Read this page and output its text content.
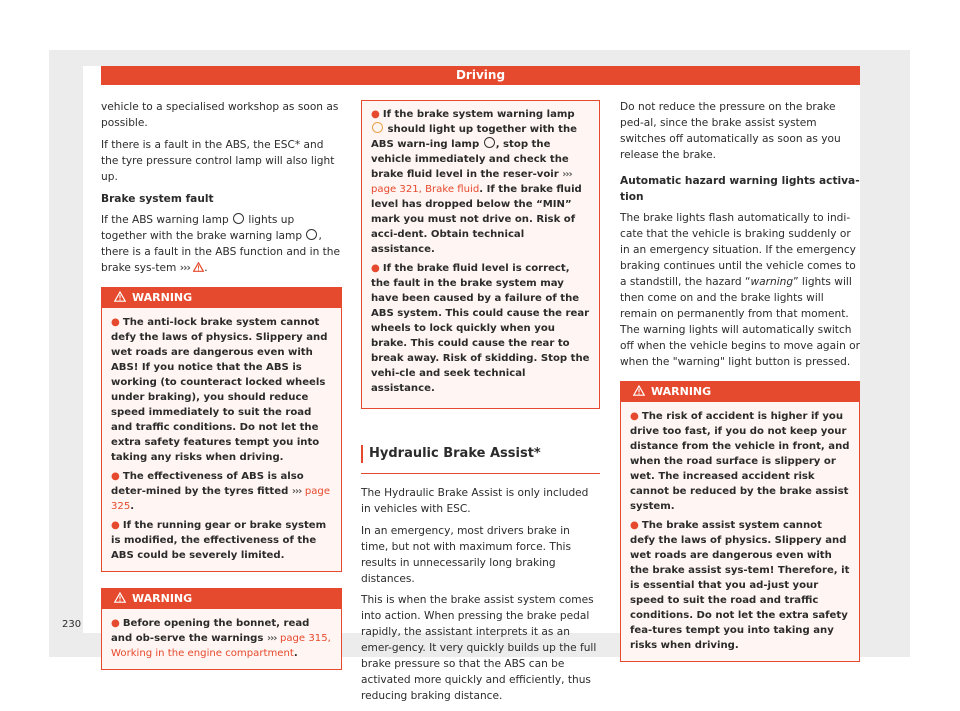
Driving

vehicle to a specialised workshop as soon as possible.

If there is a fault in the ABS, the ESC* and the tyre pressure control lamp will also light up.

Brake system fault

If the ABS warning lamp lights up together with the brake warning lamp , there is a fault in the ABS function and in the brake sys-tem ››› .

WARNING
● The anti-lock brake system cannot defy the laws of physics. Slippery and wet roads are dangerous even with ABS! If you notice that the ABS is working (to counteract locked wheels under braking), you should reduce speed immediately to suit the road and traffic conditions. Do not let the extra safety features tempt you into taking any risks when driving.
● The effectiveness of ABS is also deter-mined by the tyres fitted ››› page 325.
● If the running gear or brake system is modified, the effectiveness of the ABS could be severely limited.
WARNING
● Before opening the bonnet, read and ob-serve the warnings ››› page 315, Working in the engine compartment.
● If the brake system warning lamp  should light up together with the ABS warn-ing lamp , stop the vehicle immediately and check the brake fluid level in the reser-voir ››› page 321, Brake fluid. If the brake fluid level has dropped below the “MIN” mark you must not drive on. Risk of acci-dent. Obtain technical assistance.
● If the brake fluid level is correct, the fault in the brake system may have been caused by a failure of the ABS system. This could cause the rear wheels to lock quickly when you brake. This could cause the rear to break away. Risk of skidding. Stop the vehi-cle and seek technical assistance.
Hydraulic Brake Assist*

The Hydraulic Brake Assist is only included in vehicles with ESC.

In an emergency, most drivers brake in time, but not with maximum force. This results in unnecessarily long braking distances.

This is when the brake assist system comes into action. When pressing the brake pedal rapidly, the assistant interprets it as an emer-gency. It very quickly builds up the full brake pressure so that the ABS can be activated more quickly and efficiently, thus reducing braking distance.

Do not reduce the pressure on the brake ped-al, since the brake assist system switches off automatically as soon as you release the brake.

Automatic hazard warning lights activa-tion

The brake lights flash automatically to indi-cate that the vehicle is braking suddenly or in an emergency situation. If the emergency braking continues until the vehicle comes to a standstill, the hazard “warning” lights will then come on and the brake lights will remain on permanently from that moment. The warning lights will automatically switch off when the vehicle begins to move again or when the "warning" light button is pressed.

WARNING
● The risk of accident is higher if you drive too fast, if you do not keep your distance from the vehicle in front, and when the road surface is slippery or wet. The increased accident risk cannot be reduced by the brake assist system.
● The brake assist system cannot defy the laws of physics. Slippery and wet roads are dangerous even with the brake assist sys-tem! Therefore, it is essential that you ad-just your speed to suit the road and traffic conditions. Do not let the extra safety fea-tures tempt you into taking any risks when driving.
230
